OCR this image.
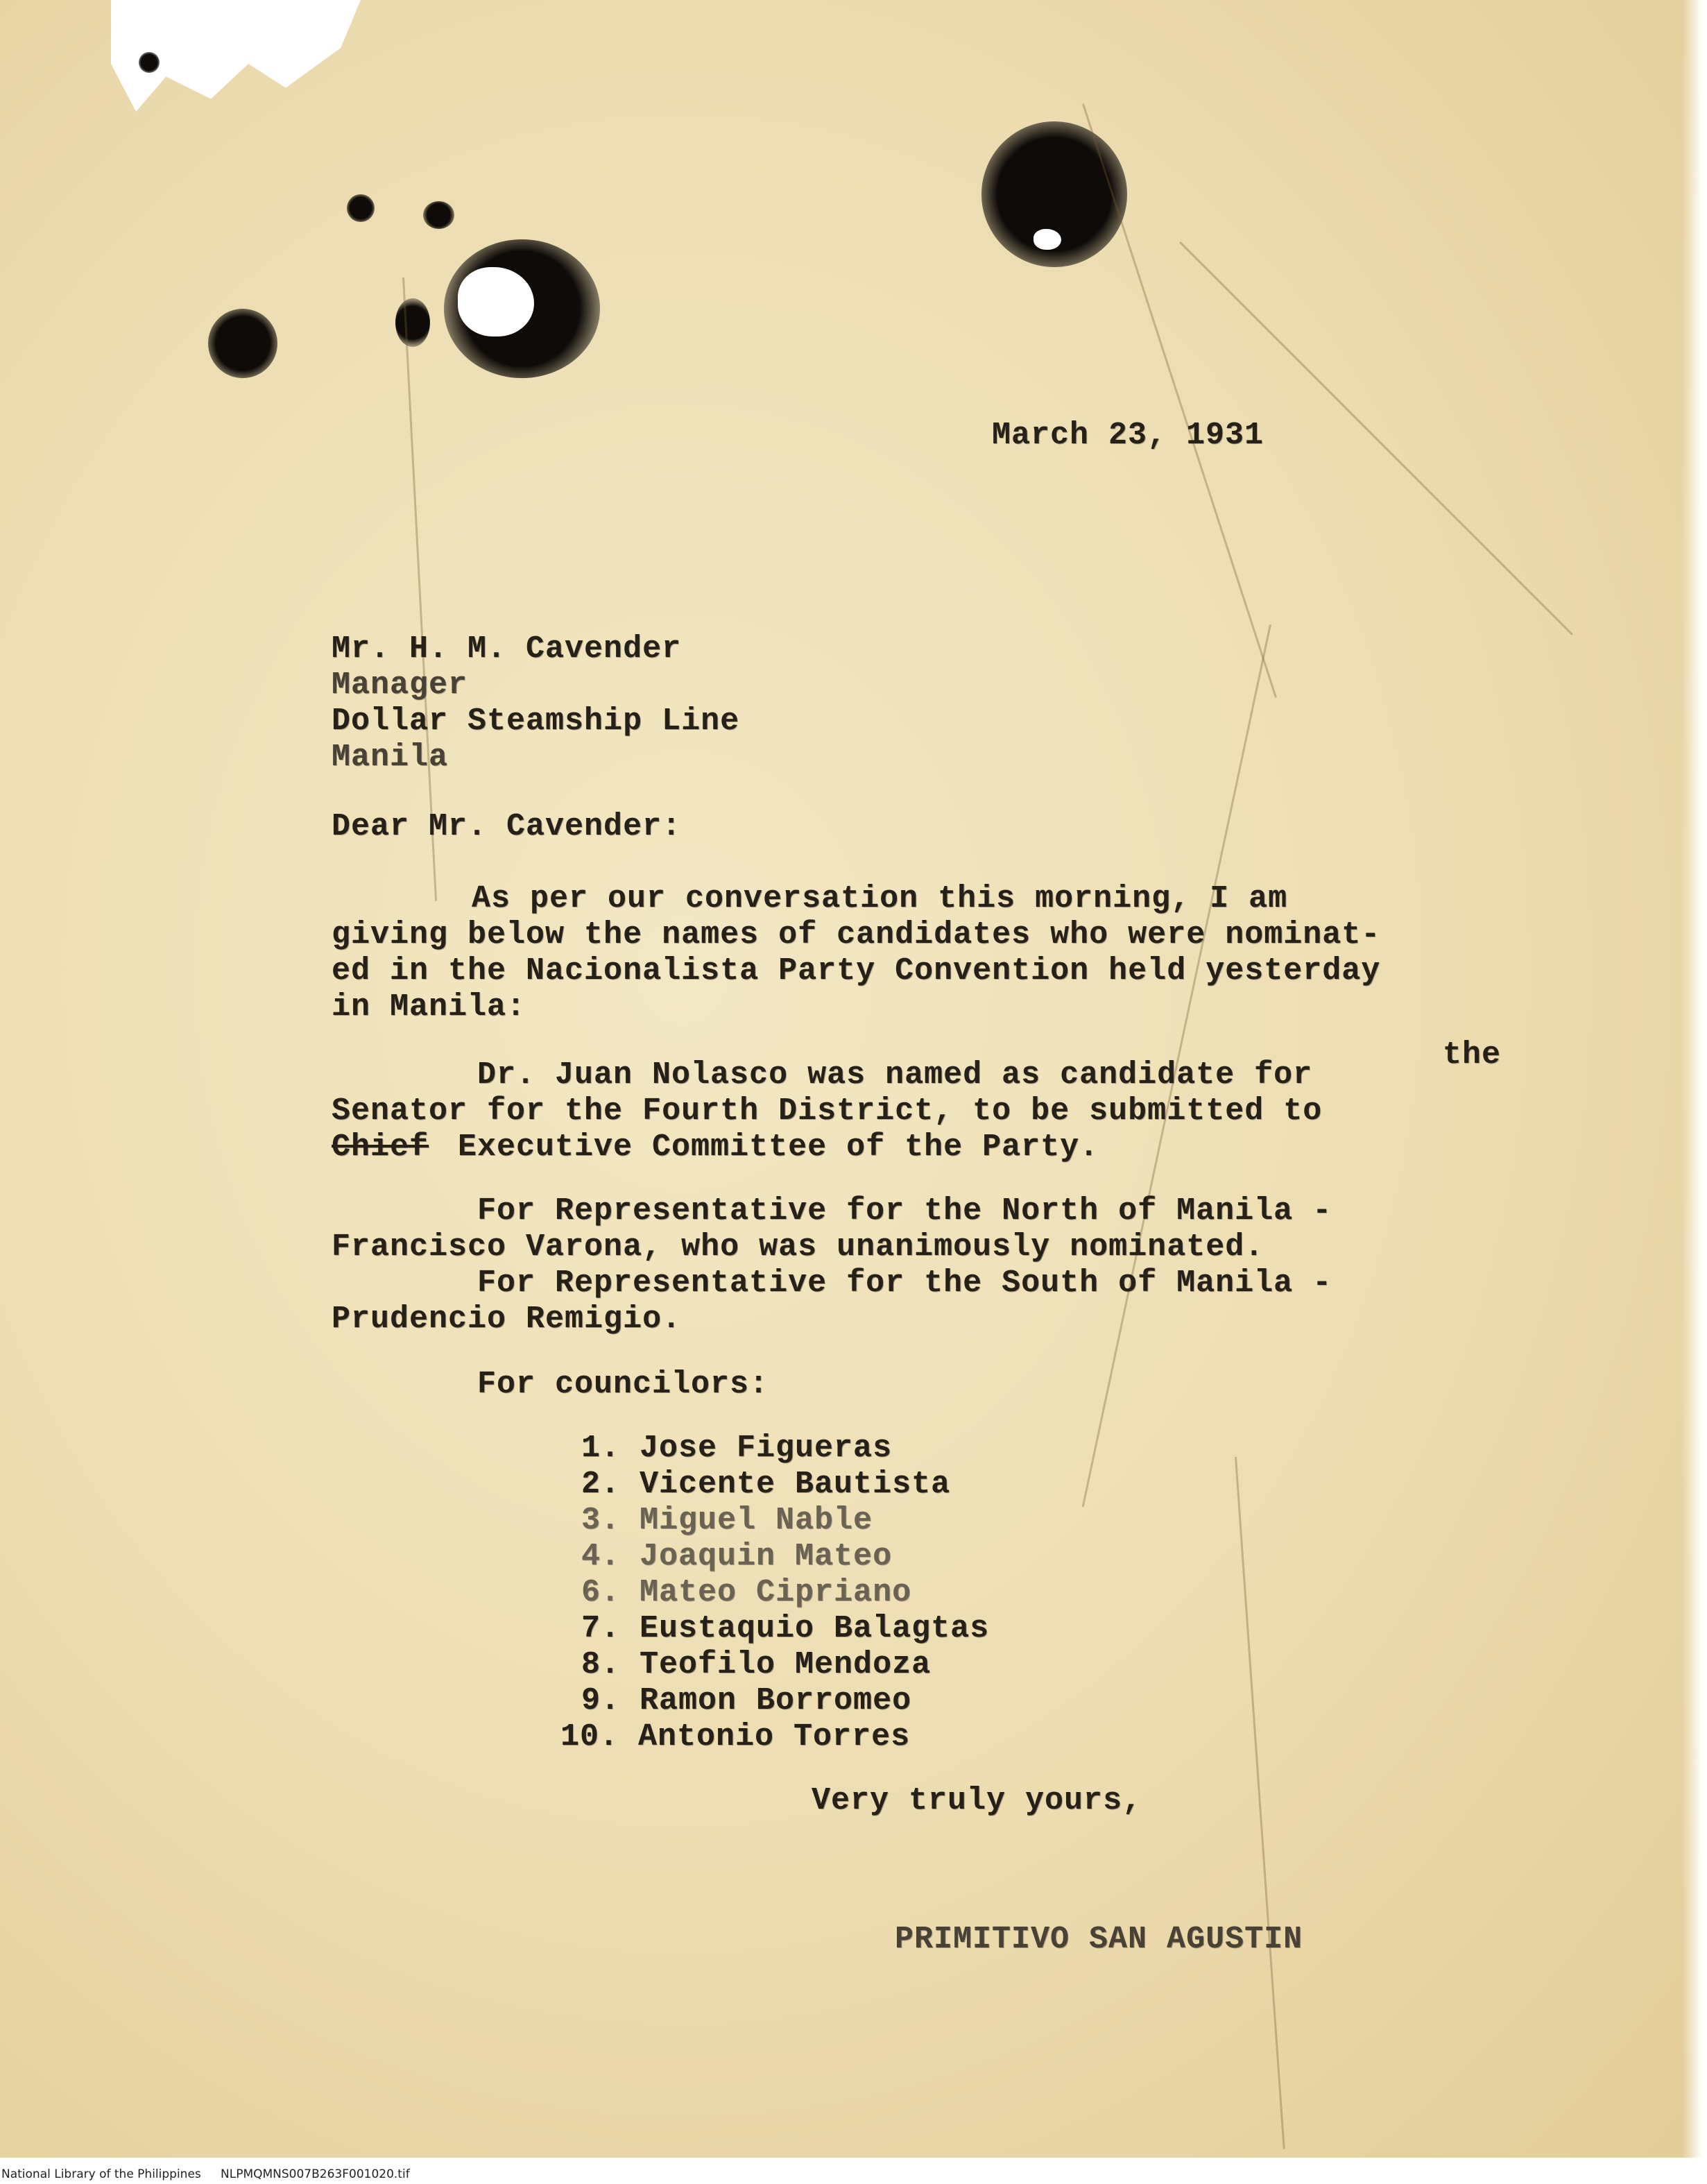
March 23, 1931
Mr. H. M. Cavender
Manager
Dollar Steamship Line
Manila
Dear Mr. Cavender:
As per our conversation this morning, I am
giving below the names of candidates who were nominat-
ed in the Nacionalista Party Convention held yesterday
in Manila:
the
Dr. Juan Nolasco was named as candidate for
Senator for the Fourth District, to be submitted to
Chief Executive Committee of the Party.
For Representative for the North of Manila -
Francisco Varona, who was unanimously nominated.
For Representative for the South of Manila -
Prudencio Remigio.
For councilors:
1. Jose Figueras
2. Vicente Bautista
3. Miguel Nable
4. Joaquin Mateo
6. Mateo Cipriano
7. Eustaquio Balagtas
8. Teofilo Mendoza
9. Ramon Borromeo
10. Antonio Torres
Very truly yours,
PRIMITIVO SAN AGUSTIN
National Library of the Philippines NLPMQMNS007B263F001020.tif
